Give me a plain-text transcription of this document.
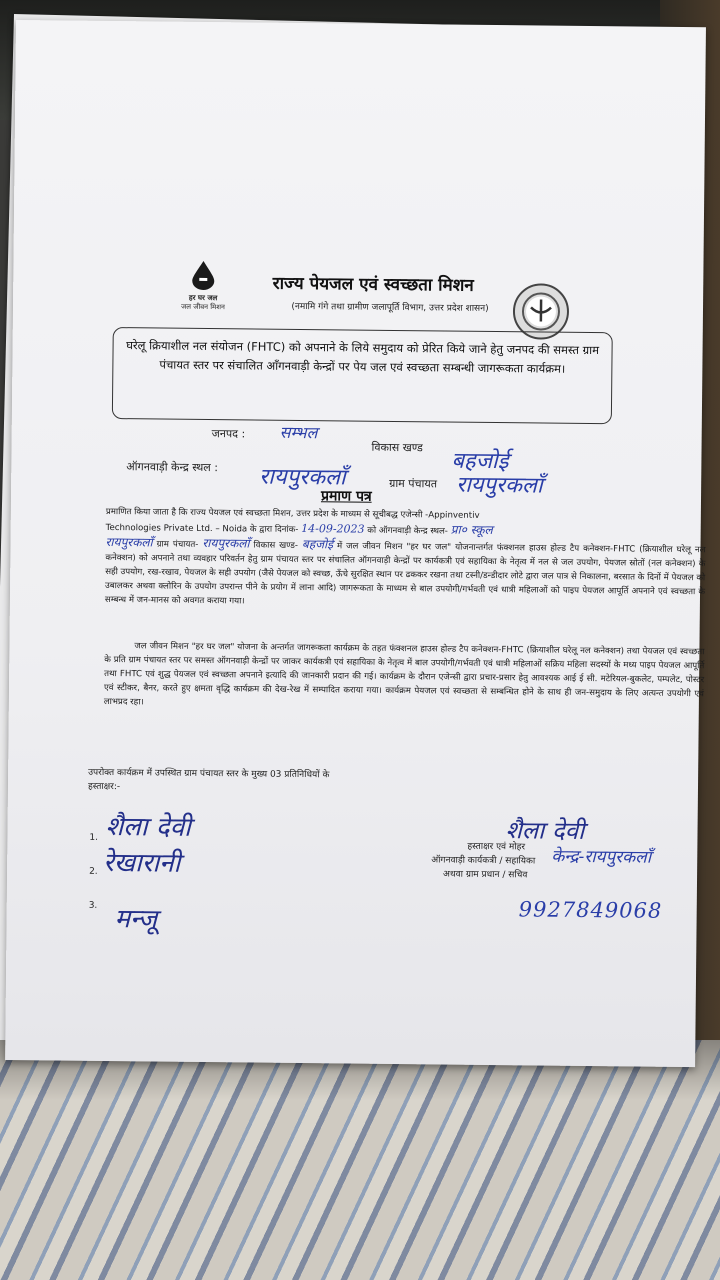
हर घर जल
जल जीवन मिशन
राज्य पेयजल एवं स्वच्छता मिशन
(नमामि गंगे तथा ग्रामीण जलापूर्ति विभाग, उत्तर प्रदेश शासन)
घरेलू क्रियाशील नल संयोजन (FHTC) को अपनाने के लिये समुदाय को प्रेरित किये जाने हेतु जनपद की समस्त ग्राम पंचायत स्तर पर संचालित आँगनवाड़ी केन्द्रों पर पेय जल एवं स्वच्छता सम्बन्धी जागरूकता कार्यक्रम।
जनपद : सम्भल
विकास खण्ड
बहजोई
ऑगनवाड़ी केन्द्र स्थल : रायपुरकलाँ	ग्राम पंचायत रायपुरकलाँ
प्रमाण पत्र
प्रमाणित किया जाता है कि राज्य पेयजल एवं स्वच्छता मिशन, उत्तर प्रदेश के माध्यम से सूचीबद्ध एजेन्सी -Appinventiv
Technologies Private Ltd. – Noida के द्वारा दिनांक- 14-09-2023 को ऑगनवाड़ी केन्द्र स्थल- प्रा० स्कूल
रायपुरकलाँ ग्राम पंचायत- रायपुरकलाँ विकास खण्ड- बहजोई में जल जीवन मिशन "हर घर जल" योजनान्तर्गत फंक्शनल हाउस होल्ड टैप कनेक्शन-FHTC (क्रियाशील घरेलू नल कनेक्शन) को अपनाने तथा व्यवहार परिवर्तन हेतु ग्राम पंचायत स्तर पर संचालित ऑगनवाड़ी केन्द्रों पर कार्यकत्री एवं सहायिका के नेतृत्व में नल से जल उपयोग, पेयजल स्रोतों (नल कनेक्शन) के सही उपयोग, रख-रखाव, पेयजल के सही उपयोग (जैसे पेयजल को स्वच्छ, ऊँचे सुरक्षित स्थान पर ढककर रखना तथा टस्नी/डन्डीदार लोटे द्वारा जल पात्र से निकालना, बरसात के दिनों में पेयजल को उबालकर अथवा क्लोरिन के उपयोग उपरान्त पीने के प्रयोग में लाना आदि) जागरूकता के माध्यम से बाल उपयोगी/गर्भवती एवं धात्री महिलाओं को पाइप पेयजल आपूर्ति अपनाने एवं स्वच्छता के सम्बन्ध में जन-मानस को अवगत कराया गया।
जल जीवन मिशन "हर घर जल" योजना के अन्तर्गत जागरूकता कार्यक्रम के तहत फंक्शनल हाउस होल्ड टैप कनेक्शन-FHTC (क्रियाशील घरेलू नल कनेक्शन) तथा पेयजल एवं स्वच्छता के प्रति ग्राम पंचायत स्तर पर समस्त ऑगनवाड़ी केन्द्रों पर जाकर कार्यकत्री एवं सहायिका के नेतृत्व में बाल उपयोगी/गर्भवती एवं धात्री महिलाओं सक्रिय महिला सदस्यों के मध्य पाइप पेयजल आपूर्ति तथा FHTC एवं शुद्ध पेयजल एवं स्वच्छता अपनाने इत्यादि की जानकारी प्रदान की गई। कार्यक्रम के दौरान एजेन्सी द्वारा प्रचार-प्रसार हेतु आवश्यक आई ई सी. मटेरियल-बुकलेट, पम्पलेट, पोस्टर एवं स्टीकर, बैनर, करते हुए क्षमता वृद्धि कार्यक्रम की देख-रेख में सम्पादित कराया गया। कार्यक्रम पेयजल एवं स्वच्छता से सम्बन्धित होने के साथ ही जन-समुदाय के लिए अत्यन्त उपयोगी एवं लाभप्रद रहा।
उपरोक्त कार्यक्रम में उपस्थित ग्राम पंचायत स्तर के मुख्य 03 प्रतिनिधियों के
हस्ताक्षर:-
1. शैला देवी
2. रेखारानी
3. मन्जू
शैला देवी
हस्ताक्षर एवं मोहर
ऑगनवाड़ी कार्यकत्री / सहायिका
अथवा ग्राम प्रधान / सचिव
केन्द्र-रायपुरकलाँ
9927849068
